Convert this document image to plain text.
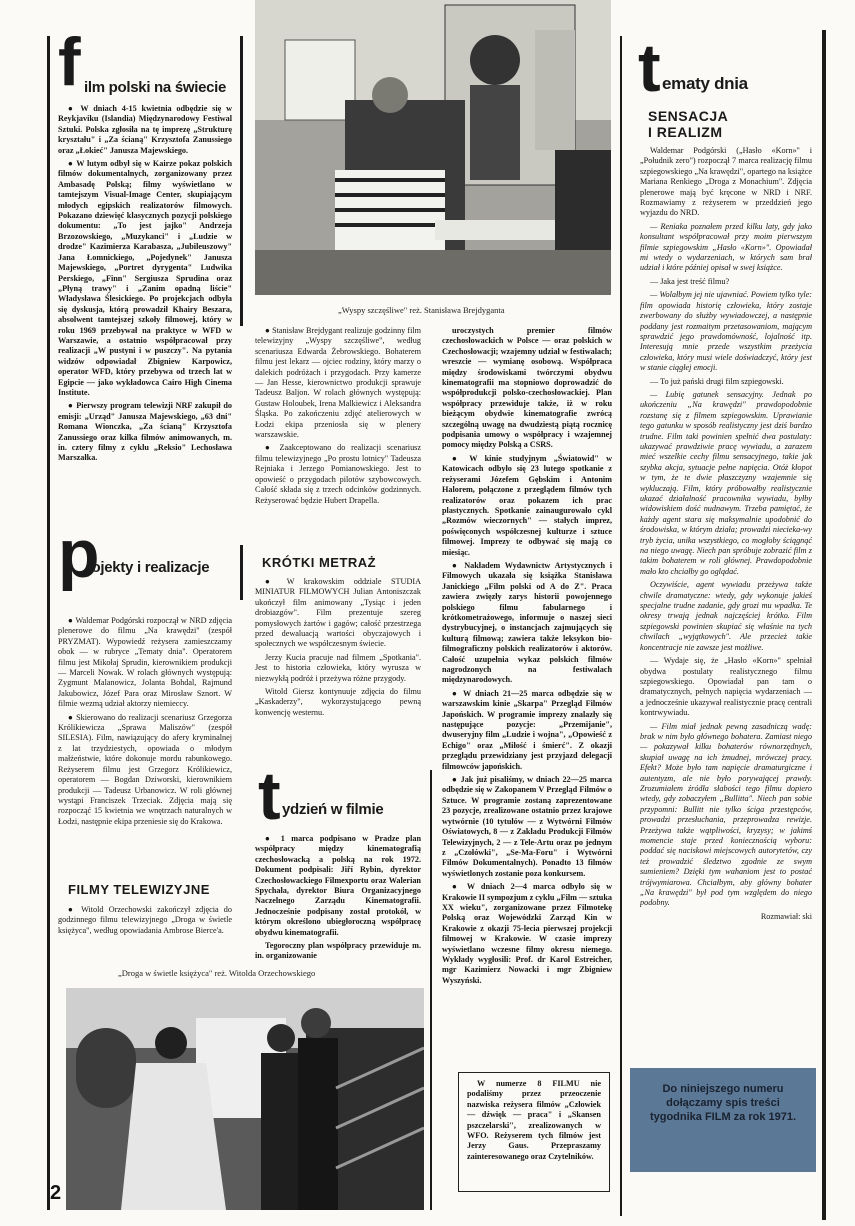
f ilm polski na świecie

● W dniach 4-15 kwietnia odbędzie się w Reykjaviku (Islandia) Międzynarodowy Festiwal Sztuki. Polska zgłosiła na tę imprezę „Strukturę kryształu" i „Za ścianą" Krzysztofa Zanussiego oraz „Łokieć" Janusza Majewskiego.

● W lutym odbył się w Kairze pokaz polskich filmów dokumentalnych, zorganizowany przez Ambasadę Polską; filmy wyświetlano w tamtejszym Visual-Image Center, skupiającym młodych egipskich realizatorów filmowych. Pokazano dziewięć klasycznych pozycji polskiego dokumentu: „To jest jajko" Andrzeja Brzozowskiego, „Muzykanci" i „Ludzie w drodze" Kazimierza Karabasza, „Jubileuszowy" Jana Łomnickiego, „Pojedynek" Janusza Majewskiego, „Portret dyrygenta" Ludwika Perskiego, „Finn" Sergiusza Sprudina oraz „Płyną trawy" i „Zanim opadną liście" Władysława Ślesickiego. Po projekcjach odbyła się dyskusja, którą prowadził Khairy Beszara, absolwent tamtejszej szkoły filmowej, który w roku 1969 przebywał na praktyce w WFD w Warszawie, a ostatnio współpracował przy realizacji „W pustyni i w puszczy". Na pytania widzów odpowiadał Zbigniew Karpowicz, operator WFD, który przebywa od trzech lat w Egipcie — jako wykładowca Cairo High Cinema Institute.

● Pierwszy program telewizji NRF zakupił do emisji: „Urząd" Janusza Majewskiego, „63 dni" Romana Wionczka, „Za ścianą" Krzysztofa Zanussiego oraz kilka filmów animowanych, m. in. cztery filmy z cyklu „Reksio" Lechosława Marszałka.

p
rojekty i realizacje

● Waldemar Podgórski rozpoczął w NRD zdjęcia plenerowe do filmu „Na krawędzi" (zespół PRYZMAT). Wypowiedź reżysera zamieszczamy obok — w rubryce „Tematy dnia". Operatorem filmu jest Mikołaj Sprudin, kierownikiem produkcji — Marceli Nowak. W rolach głównych występują: Zygmunt Malanowicz, Jolanta Bohdal, Rajmund Jakubowicz, Józef Para oraz Mirosław Sznort. W filmie wezmą udział aktorzy niemieccy.

● Skierowano do realizacji scenariusz Grzegorza Królikiewicza „Sprawa Maliszów" (zespół SILESIA). Film, nawiązujący do afery kryminalnej z lat trzydziestych, opowiada o młodym małżeństwie, które dokonuje mordu rabunkowego. Reżyserem filmu jest Grzegorz Królikiewicz, operatorem — Bogdan Dziworski, kierownikiem produkcji — Tadeusz Urbanowicz. W roli głównej wystąpi Franciszek Trzeciak. Zdjęcia mają się rozpocząć 15 kwietnia we wnętrzach naturalnych w Łodzi, następnie ekipa przeniesie się do Krakowa.

FILMY TELEWIZYJNE

● Witold Orzechowski zakończył zdjęcia do godzinnego filmu telewizyjnego „Droga w świetle księżyca", według opowiadania Ambrose Bierce'a.

„Wyspy szczęśliwe" reż. Stanisława Brejdyganta

● Stanisław Brejdygant realizuje godzinny film telewizyjny „Wyspy szczęśliwe", według scenariusza Edwarda Żebrowskiego. Bohaterem filmu jest lekarz — ojciec rodziny, który marzy o dalekich podróżach i przygodach. Przy kamerze — Jan Hesse, kierownictwo produkcji sprawuje Tadeusz Baljon. W rolach głównych występują: Gustaw Holoubek, Irena Malkiewicz i Aleksandra Śląska. Po zakończeniu zdjęć atelierowych w Łodzi ekipa przeniosła się w plenery warszawskie.

● Zaakceptowano do realizacji scenariusz filmu telewizyjnego „Po prostu lotnicy" Tadeusza Rejniaka i Jerzego Pomianowskiego. Jest to opowieść o przygodach pilotów szybowcowych. Całość składa się z trzech odcinków godzinnych. Reżyserować będzie Hubert Drapella.

KRÓTKI METRAŻ

● W krakowskim oddziale STUDIA MINIATUR FILMOWYCH Julian Antoniszczak ukończył film animowany „Tysiąc i jeden drobiazgów". Film prezentuje szereg pomysłowych żartów i gagów; całość przestrzega przed dewaluacją wartości obyczajowych i społecznych we współczesnym świecie.

Jerzy Kucia pracuje nad filmem „Spotkania". Jest to historia człowieka, który wyrusza w niezwykłą podróż i przeżywa różne przygody.

Witold Giersz kontynuuje zdjęcia do filmu „Kaskaderzy", wykorzystującego pewną konwencję westernu.

t ydzień w filmie

● 1 marca podpisano w Pradze plan współpracy między kinematografią czechosłowacką a polską na rok 1972. Dokument podpisali: Jiří Rybin, dyrektor Czechosłowackiego Filmexportu oraz Walerian Spychała, dyrektor Biura Organizacyjnego Naczelnego Zarządu Kinematografii. Jednocześnie podpisany został protokół, w którym określono ubiegłoroczną współpracę obydwu kinematografii.

Tegoroczny plan współpracy przewiduje m. in. organizowanie

„Droga w świetle księżyca" reż. Witolda Orzechowskiego

uroczystych premier filmów czechosłowackich w Polsce — oraz polskich w Czechosłowacji; wzajemny udział w festiwalach; wreszcie — wymianę osobową. Współpraca między środowiskami twórczymi obydwu kinematografii ma stopniowo doprowadzić do współprodukcji polsko-czechosłowackiej. Plan współpracy przewiduje także, iż w roku bieżącym obydwie kinematografie zwrócą szczególną uwagę na dwudziestą piątą rocznicę podpisania umowy o współpracy i wzajemnej pomocy między Polską a CSRS.

● W kinie studyjnym „Światowid" w Katowicach odbyło się 23 lutego spotkanie z reżyserami Józefem Gębskim i Antonim Halorem, połączone z przeglądem filmów tych realizatorów oraz pokazem ich prac plastycznych. Spotkanie zainaugurowało cykl „Rozmów wieczornych" — stałych imprez, poświęconych współczesnej kulturze i sztuce filmowej. Imprezy te odbywać się mają co miesiąc.

● Nakładem Wydawnictw Artystycznych i Filmowych ukazała się książka Stanisława Janickiego „Film polski od A do Z". Praca zawiera zwięzły zarys historii powojennego polskiego filmu fabularnego i krótkometrażowego, informuje o naszej sieci dystrybucyjnej, o instancjach zajmujących się kulturą filmową; zawiera także leksykon bio-filmograficzny polskich realizatorów i aktorów. Całość uzupełnia wykaz polskich filmów nagrodzonych na festiwalach międzynarodowych.

● W dniach 21—25 marca odbędzie się w warszawskim kinie „Skarpa" Przegląd Filmów Japońskich. W programie imprezy znalazły się następujące pozycje: „Przemijanie", dwuseryjny film „Ludzie i wojna", „Opowieść z Echigo" oraz „Miłość i śmierć". Z okazji przeglądu przewidziany jest przyjazd delegacji filmowców japońskich.

● Jak już pisaliśmy, w dniach 22—25 marca odbędzie się w Zakopanem V Przegląd Filmów o Sztuce. W programie zostaną zaprezentowane 23 pozycje, zrealizowane ostatnio przez krajowe wytwórnie (10 tytułów — z Wytwórni Filmów Oświatowych, 8 — z Zakładu Produkcji Filmów Telewizyjnych, 2 — z Tele-Artu oraz po jednym z „Czołówki", „Se-Ma-Foru" i Wytwórni Filmów Dokumentalnych). Ponadto 13 filmów wyświetlonych zostanie poza konkursem.

● W dniach 2—4 marca odbyło się w Krakowie II sympozjum z cyklu „Film — sztuka XX wieku", zorganizowane przez Filmotekę Polską oraz Wojewódzki Zarząd Kin w Krakowie z okazji 75-lecia pierwszej projekcji filmowej w Krakowie. W czasie imprezy wyświetlano wczesne filmy okresu niemego. Wykłady wygłosili: Prof. dr Karol Estreicher, mgr Kazimierz Nowacki i mgr Zbigniew Wyszyński.

W numerze 8 FILMU nie podaliśmy przez przeoczenie nazwiska reżysera filmów „Człowiek — dźwięk — praca" i „Skansen pszczelarski", zrealizowanych w WFO. Reżyserem tych filmów jest Jerzy Gaus. Przepraszamy zainteresowanego oraz Czytelników.

t ematy dnia
SENSACJA
I REALIZM

Waldemar Podgórski („Hasło «Korn»" i „Południk zero") rozpoczął 7 marca realizację filmu szpiegowskiego „Na krawędzi", opartego na książce Mariana Renkiego „Droga z Monachium". Zdjęcia plenerowe mają być kręcone w NRD i NRF. Rozmawiamy z reżyserem w przeddzień jego wyjazdu do NRD.

— Reniaka poznałem przed kilku laty, gdy jako konsultant współpracował przy moim pierwszym filmie szpiegowskim „Hasło «Korn»". Opowiadał mi wtedy o wydarzeniach, w których sam brał udział i które później opisał w swej książce.

— Jaka jest treść filmu?

— Wolałbym jej nie ujawniać. Powiem tylko tyle: film opowiada historię człowieka, który zostaje zwerbowany do służby wywiadowczej, a następnie poddany jest rozmaitym przetasowaniom, mającym sprawdzić jego prawdomówność, lojalność itp. Interesują mnie przede wszystkim przeżycia człowieka, który musi wiele doświadczyć, który jest w stanie ciągłej emocji.

— To już pański drugi film szpiegowski.

— Lubię gatunek sensacyjny. Jednak po ukończeniu „Na krawędzi" prawdopodobnie rozstanę się z filmem szpiegowskim. Uprawianie tego gatunku w sposób realistyczny jest dziś bardzo trudne. Film taki powinien spełnić dwa postulaty: ukazywać prawdziwie pracę wywiadu, a zarazem mieć wszelkie cechy filmu sensacyjnego, takie jak szybka akcja, sytuacje pełne napięcia. Otóż kłopot w tym, że te dwie płaszczyzny wzajemnie się wykluczają. Film, który próbowałby realistycznie ukazać działalność pracownika wywiadu, byłby widowiskiem dość nudnawym. Trzeba pamiętać, że każdy agent stara się maksymalnie upodobnić do środowiska, w którym działa; prowadzi niecieka-wy tryb życia, unika wszystkiego, co mogłoby ściągnąć na niego uwagę. Niech pan spróbuje zobrazić film z takim bohaterem w roli głównej. Prawdopodobnie mało kto chciałby go oglądać.

Oczywiście, agent wywiadu przeżywa także chwile dramatyczne: wtedy, gdy wykonuje jakieś specjalne trudne zadanie, gdy grozi mu wpadka. Te okresy trwają jednak najczęściej krótko. Film szpiegowski powinien skupiać się właśnie na tych chwilach „wyjątkowych". Ale przecież takie koncentracje nie zawsze jest możliwe.

— Wydaje się, że „Hasło «Korn»" spełniał obydwa postulaty realistycznego filmu szpiegowskiego. Opowiadał pan tam o dramatycznych, pełnych napięcia wydarzeniach — a jednocześnie ukazywał realistycznie pracę centrali kontrwywiadu.

— Film miał jednak pewną zasadniczą wadę: brak w nim było głównego bohatera. Zamiast niego — pokazywał kilku bohaterów równorzędnych, skupiał uwagę na ich żmudnej, mrówczej pracy. Efekt? Może było tam napięcie dramaturgiczne i autentyzm, ale nie było porywającej prawdy. Zrozumiałem źródła słabości tego filmu dopiero wtedy, gdy zobaczyłem „Bullitta". Niech pan sobie przypomni: Bullitt nie tylko ściga przestępców, prowadzi przesłuchania, przeprowadza rewizje. Przeżywa także wątpliwości, kryzysy; w jakimś momencie staje przed koniecznością wyboru: poddać się naciskowi miejscowych autorytetów, czy też prowadzić śledztwo zgodnie ze swym sumieniem? Dzięki tym wahaniom jest to postać trójwymiarowa. Chciałbym, aby główny bohater „Na krawędzi" był pod tym względem do niego podobny.

Rozmawiał: ski

Do niniejszego numeru dołączamy spis treści tygodnika FILM za rok 1971.
2
